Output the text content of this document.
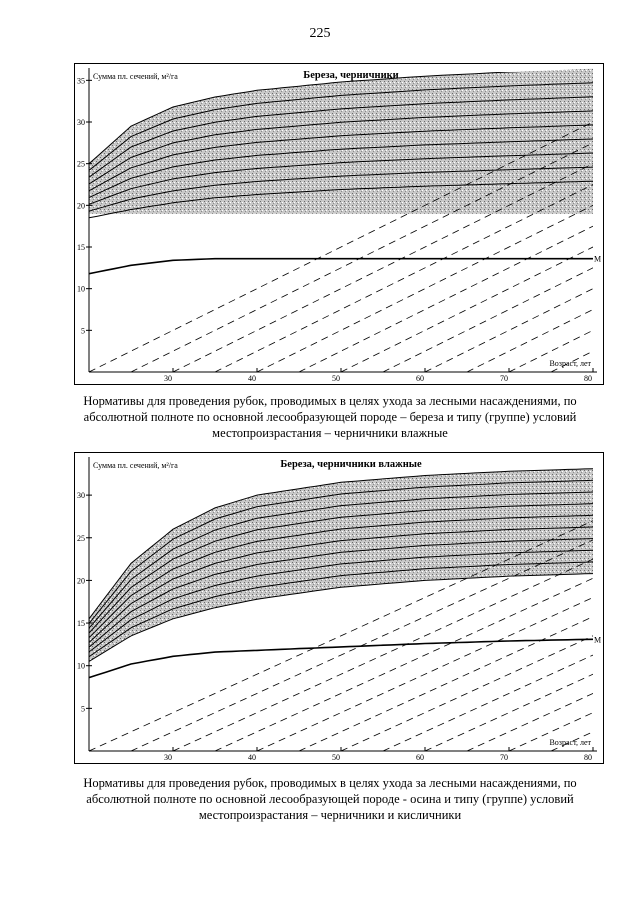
225
M
5
10
15
20
25
30
35
30	40	50	60	70	80
Сумма пл. сечений, м²/га
Возраст, лет
Береза, черничники
Нормативы для проведения рубок, проводимых в целях ухода за лесными насаждениями, по абсолютной полноте по основной лесообразующей породе – береза и типу (группе) условий местопроизрастания – черничники влажные
M
5
10
15
20
25
30
30	40	50	60	70	80
Сумма пл. сечений, м²/га
Возраст, лет
Береза, черничники влажные
Нормативы для проведения рубок, проводимых в целях ухода за лесными насаждениями, по абсолютной полноте по основной лесообразующей породе - осина и типу (группе) условий местопроизрастания – черничники и кисличники
